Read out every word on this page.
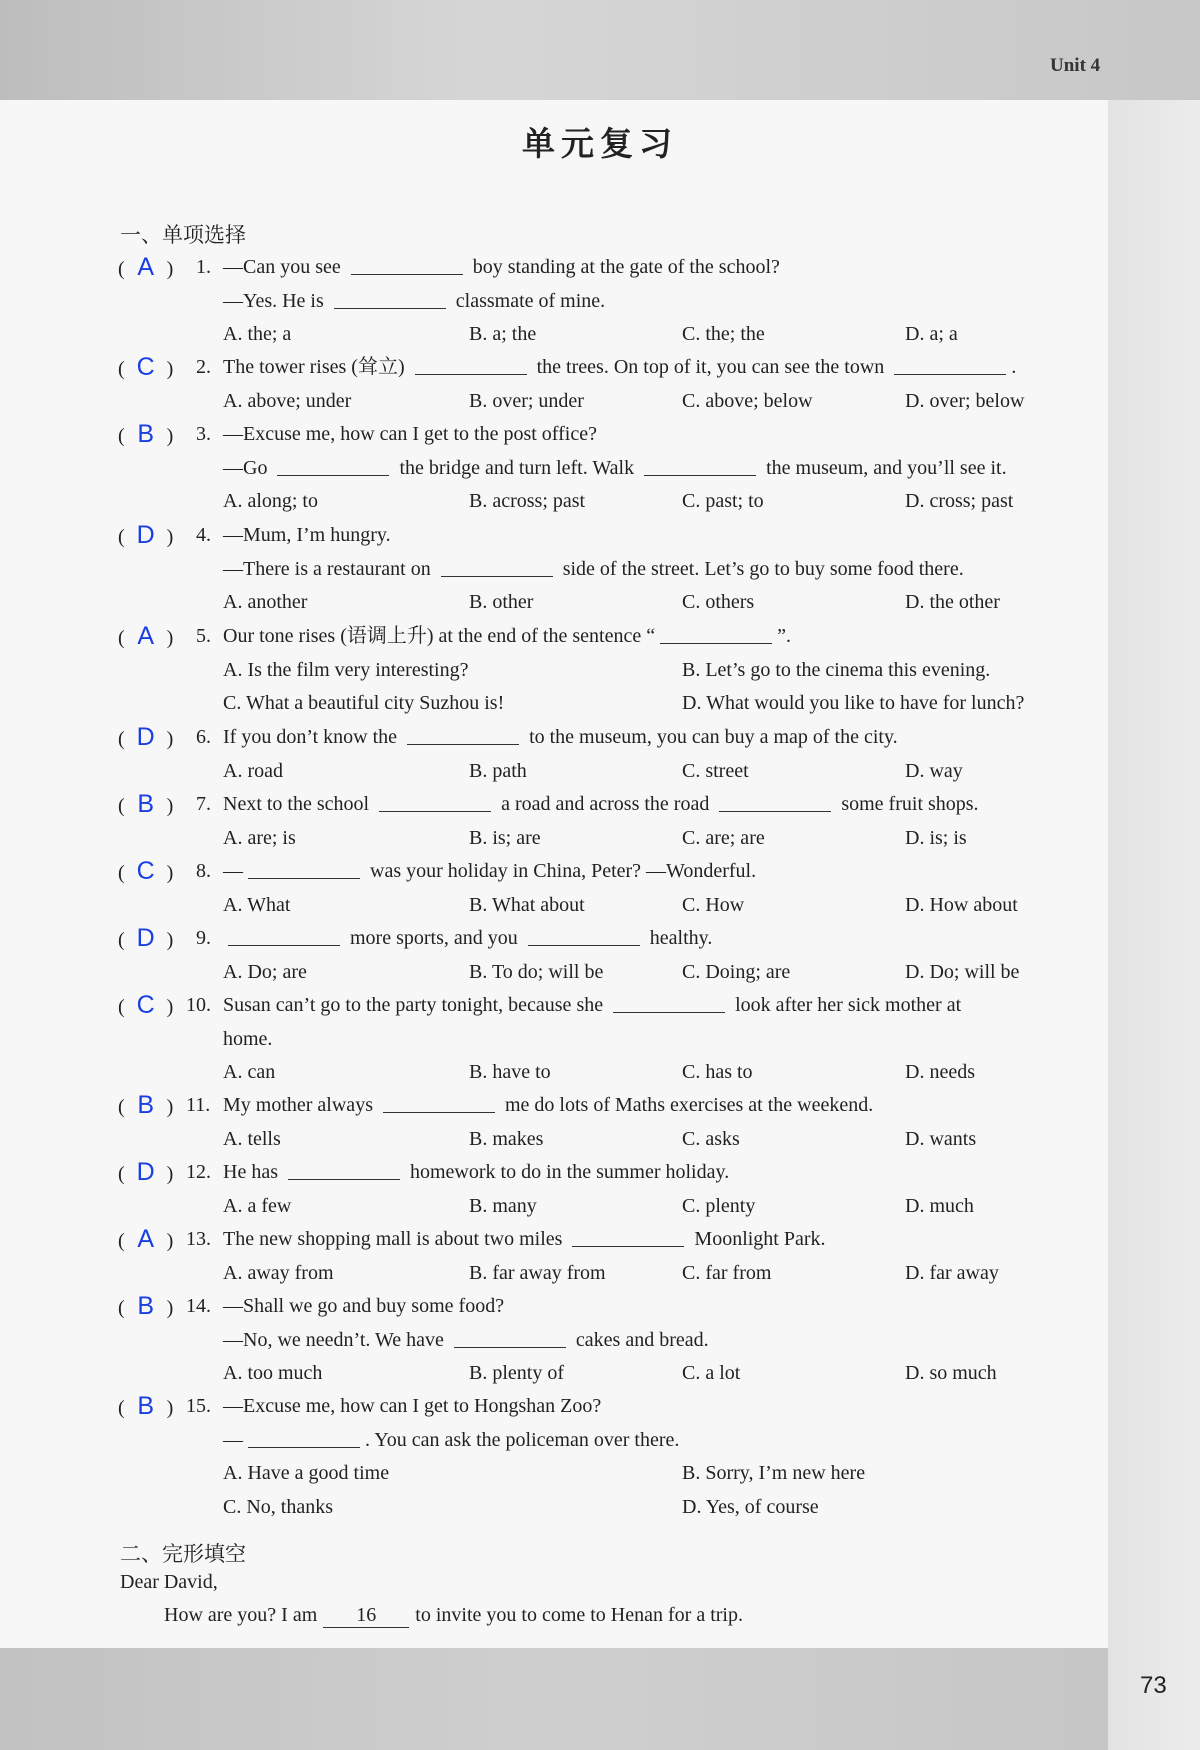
Unit 4
单元复习
一、单项选择
( A ) 1. —Can you see	boy standing at the gate of the school?
—Yes. He is	classmate of mine.
A. the; a	B. a; the	C. the; the	D. a; a
( C ) 2. The tower rises (耸立)	the trees. On top of it, you can see the town	.
A. above; under	B. over; under	C. above; below	D. over; below
( B ) 3. —Excuse me, how can I get to the post office?
—Go	the bridge and turn left. Walk	the museum, and you’ll see it.
A. along; to	B. across; past	C. past; to	D. cross; past
( D ) 4. —Mum, I’m hungry.
—There is a restaurant on	side of the street. Let’s go to buy some food there.
A. another	B. other	C. others	D. the other
( A ) 5. Our tone rises (语调上升) at the end of the sentence “	”.
A. Is the film very interesting?	B. Let’s go to the cinema this evening.
C. What a beautiful city Suzhou is!	D. What would you like to have for lunch?
( D ) 6. If you don’t know the	to the museum, you can buy a map of the city.
A. road	B. path	C. street	D. way
( B ) 7. Next to the school	a road and across the road	some fruit shops.
A. are; is	B. is; are	C. are; are	D. is; is
( C ) 8. —	was your holiday in China, Peter? —Wonderful.
A. What	B. What about	C. How	D. How about
( D ) 9.	more sports, and you	healthy.
A. Do; are	B. To do; will be	C. Doing; are	D. Do; will be
( C ) 10. Susan can’t go to the party tonight, because she	look after her sick mother at
home.
A. can	B. have to	C. has to	D. needs
( B ) 11. My mother always	me do lots of Maths exercises at the weekend.
A. tells	B. makes	C. asks	D. wants
( D ) 12. He has	homework to do in the summer holiday.
A. a few	B. many	C. plenty	D. much
( A ) 13. The new shopping mall is about two miles	Moonlight Park.
A. away from	B. far away from	C. far from	D. far away
( B ) 14. —Shall we go and buy some food?
—No, we needn’t. We have	cakes and bread.
A. too much	B. plenty of	C. a lot	D. so much
( B ) 15. —Excuse me, how can I get to Hongshan Zoo?
—	. You can ask the policeman over there.
A. Have a good time	B. Sorry, I’m new here
C. No, thanks	D. Yes, of course
二、完形填空
Dear David,
How are you? I am 16 to invite you to come to Henan for a trip.
73
